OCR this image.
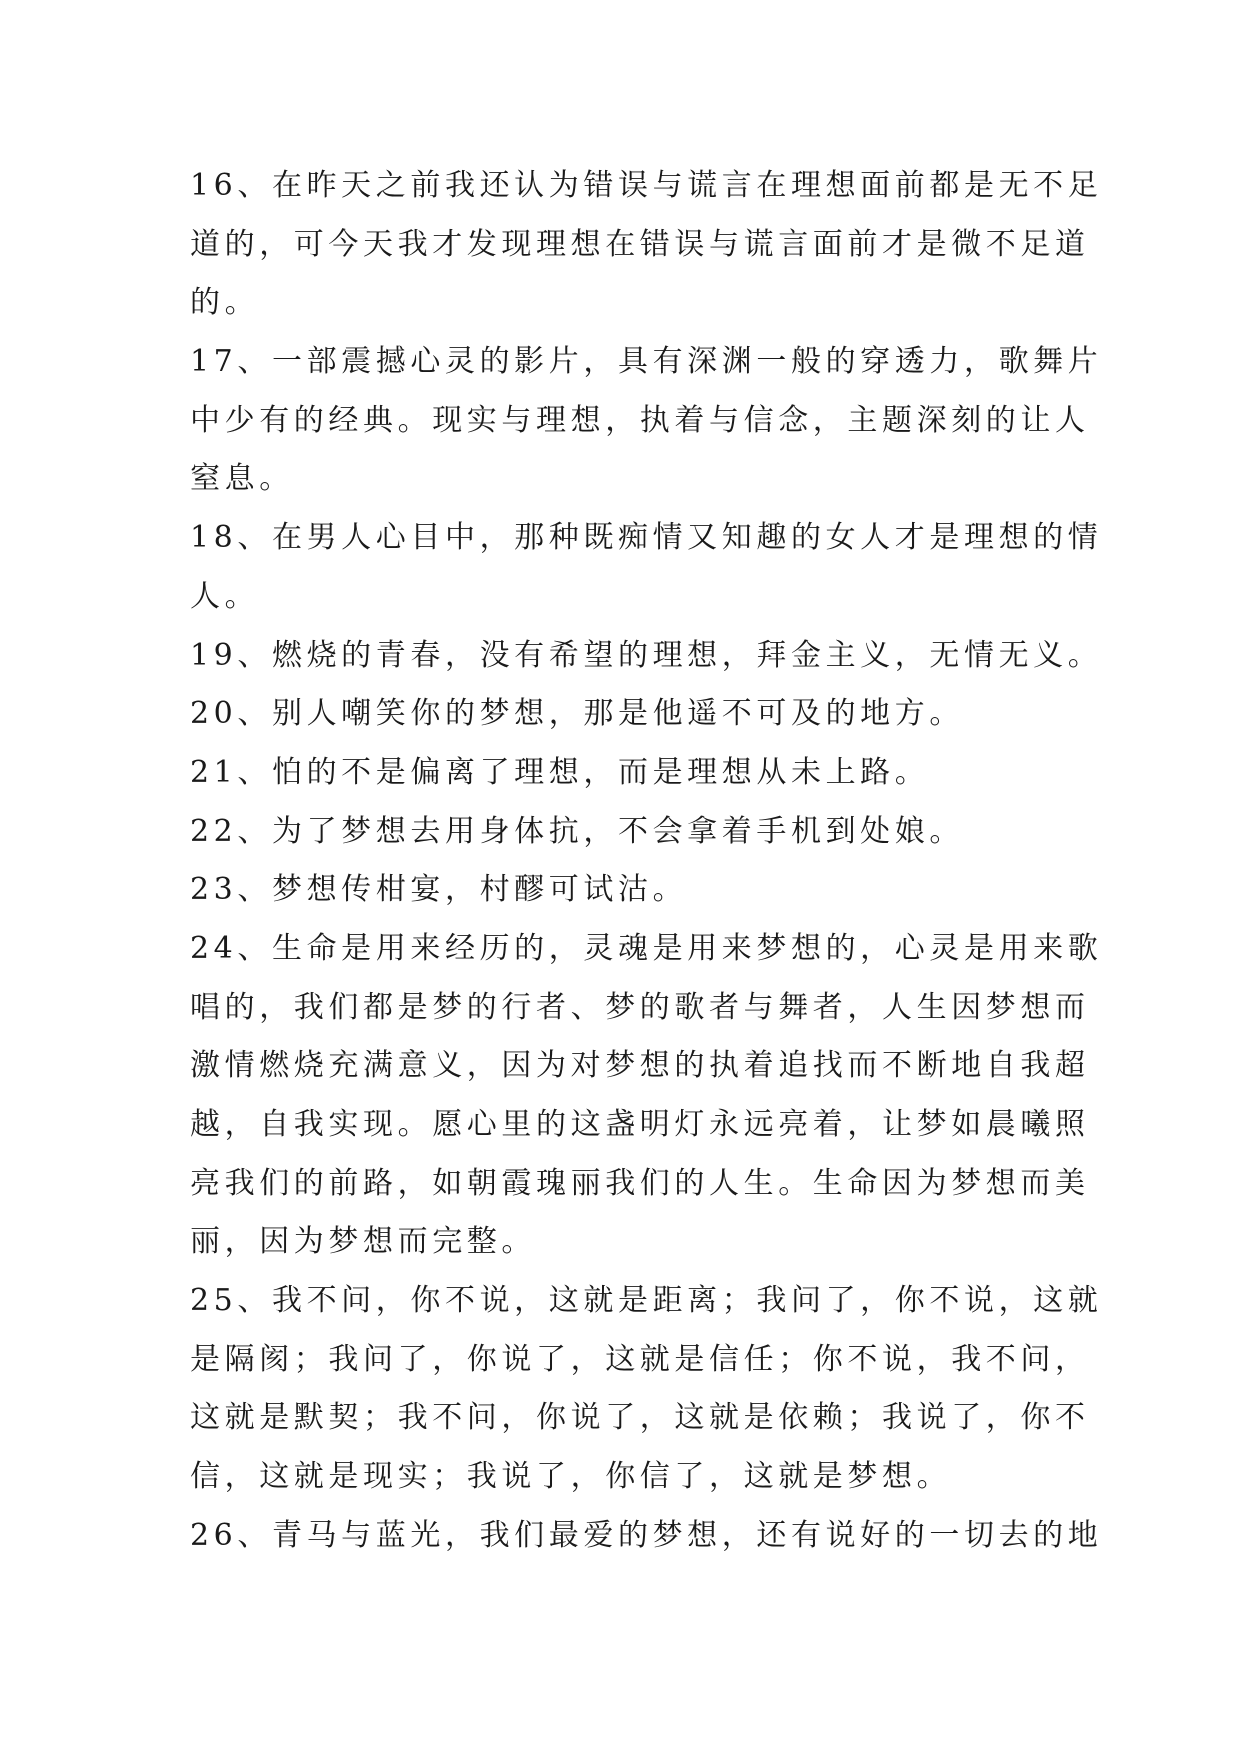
16、在昨天之前我还认为错误与谎言在理想面前都是无不足
道的，可今天我才发现理想在错误与谎言面前才是微不足道
的。
17、一部震撼心灵的影片，具有深渊一般的穿透力，歌舞片
中少有的经典。现实与理想，执着与信念，主题深刻的让人
窒息。
18、在男人心目中，那种既痴情又知趣的女人才是理想的情
人。
19、燃烧的青春，没有希望的理想，拜金主义，无情无义。
20、别人嘲笑你的梦想，那是他遥不可及的地方。
21、怕的不是偏离了理想，而是理想从未上路。
22、为了梦想去用身体抗，不会拿着手机到处娘。
23、梦想传柑宴，村醪可试沽。
24、生命是用来经历的，灵魂是用来梦想的，心灵是用来歌
唱的，我们都是梦的行者、梦的歌者与舞者，人生因梦想而
激情燃烧充满意义，因为对梦想的执着追找而不断地自我超
越，自我实现。愿心里的这盏明灯永远亮着，让梦如晨曦照
亮我们的前路，如朝霞瑰丽我们的人生。生命因为梦想而美
丽，因为梦想而完整。
25、我不问，你不说，这就是距离；我问了，你不说，这就
是隔阂；我问了，你说了，这就是信任；你不说，我不问，
这就是默契；我不问，你说了，这就是依赖；我说了，你不
信，这就是现实；我说了，你信了，这就是梦想。
26、青马与蓝光，我们最爱的梦想，还有说好的一切去的地
